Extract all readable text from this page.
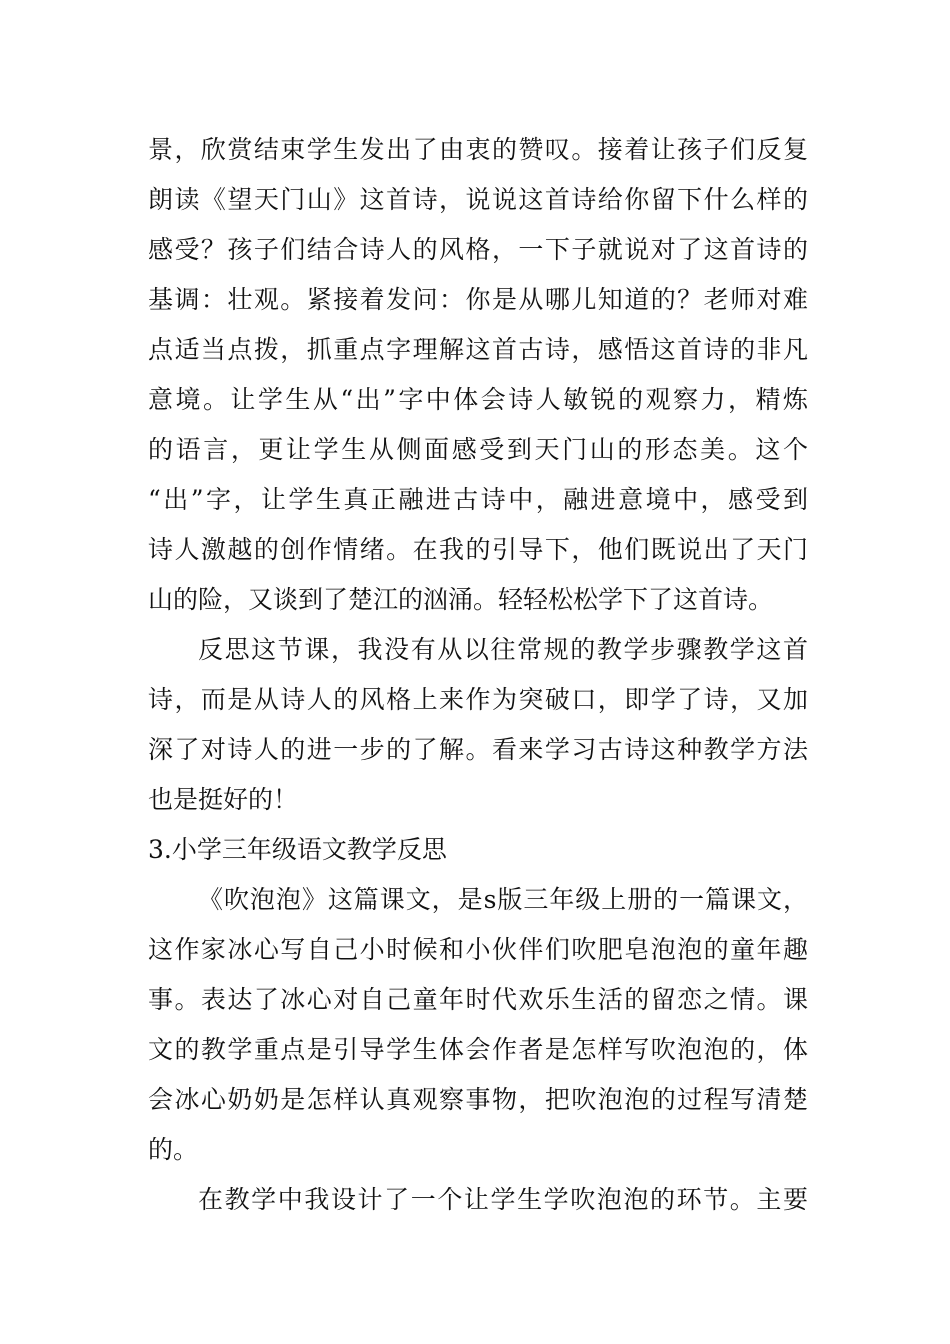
景，欣赏结束学生发出了由衷的赞叹。接着让孩子们反复
朗读《望天门山》这首诗，说说这首诗给你留下什么样的
感受？孩子们结合诗人的风格，一下子就说对了这首诗的
基调：壮观。紧接着发问：你是从哪儿知道的？老师对难
点适当点拨，抓重点字理解这首古诗，感悟这首诗的非凡
意境。让学生从“出”字中体会诗人敏锐的观察力，精炼
的语言，更让学生从侧面感受到天门山的形态美。这个
“出”字，让学生真正融进古诗中，融进意境中，感受到
诗人激越的创作情绪。在我的引导下，他们既说出了天门
山的险，又谈到了楚江的汹涌。轻轻松松学下了这首诗。
反思这节课，我没有从以往常规的教学步骤教学这首
诗，而是从诗人的风格上来作为突破口，即学了诗，又加
深了对诗人的进一步的了解。看来学习古诗这种教学方法
也是挺好的！
3.小学三年级语文教学反思
《吹泡泡》这篇课文，是s版三年级上册的一篇课文，
这作家冰心写自己小时候和小伙伴们吹肥皂泡泡的童年趣
事。表达了冰心对自己童年时代欢乐生活的留恋之情。课
文的教学重点是引导学生体会作者是怎样写吹泡泡的，体
会冰心奶奶是怎样认真观察事物，把吹泡泡的过程写清楚
的。
在教学中我设计了一个让学生学吹泡泡的环节。主要
